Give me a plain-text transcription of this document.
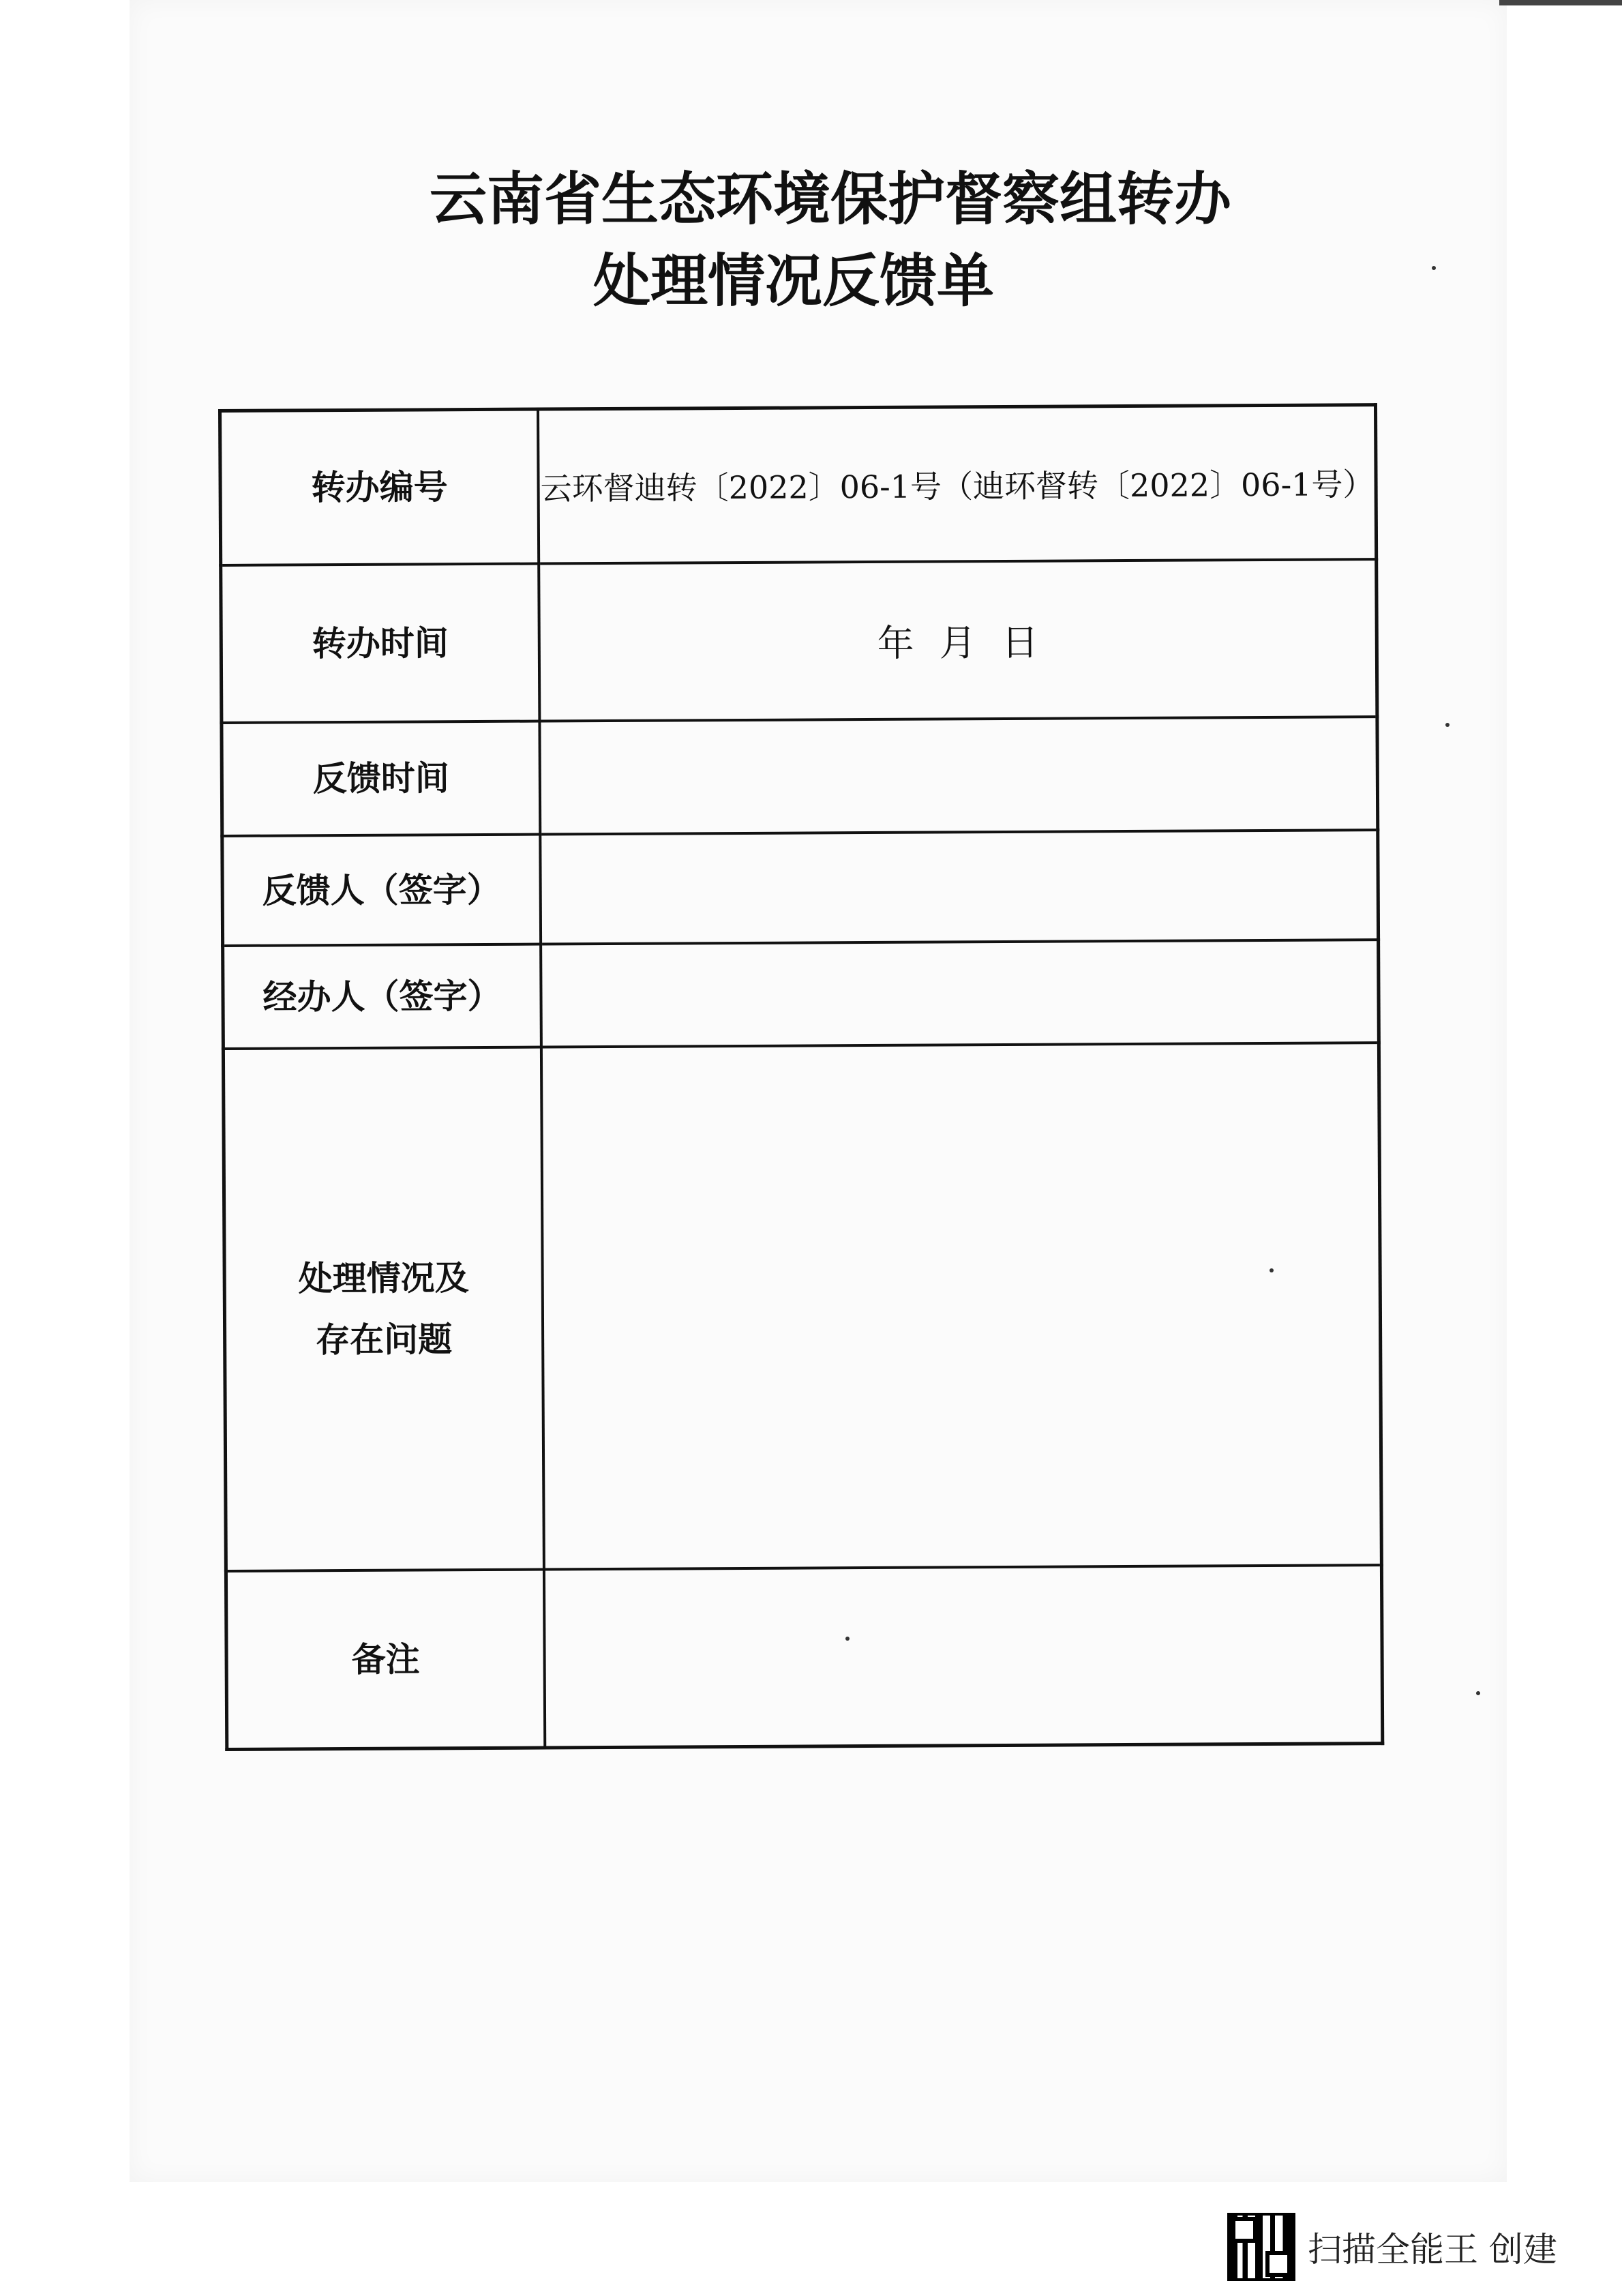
云南省生态环境保护督察组转办
处理情况反馈单
转办编号	云环督迪转〔2022〕06-1号（迪环督转〔2022〕06-1号）
转办时间	年 月 日
反馈时间	
反馈人（签字）	
经办人（签字）	

处理情况及
存在问题	

备注	
扫描全能王 创建
